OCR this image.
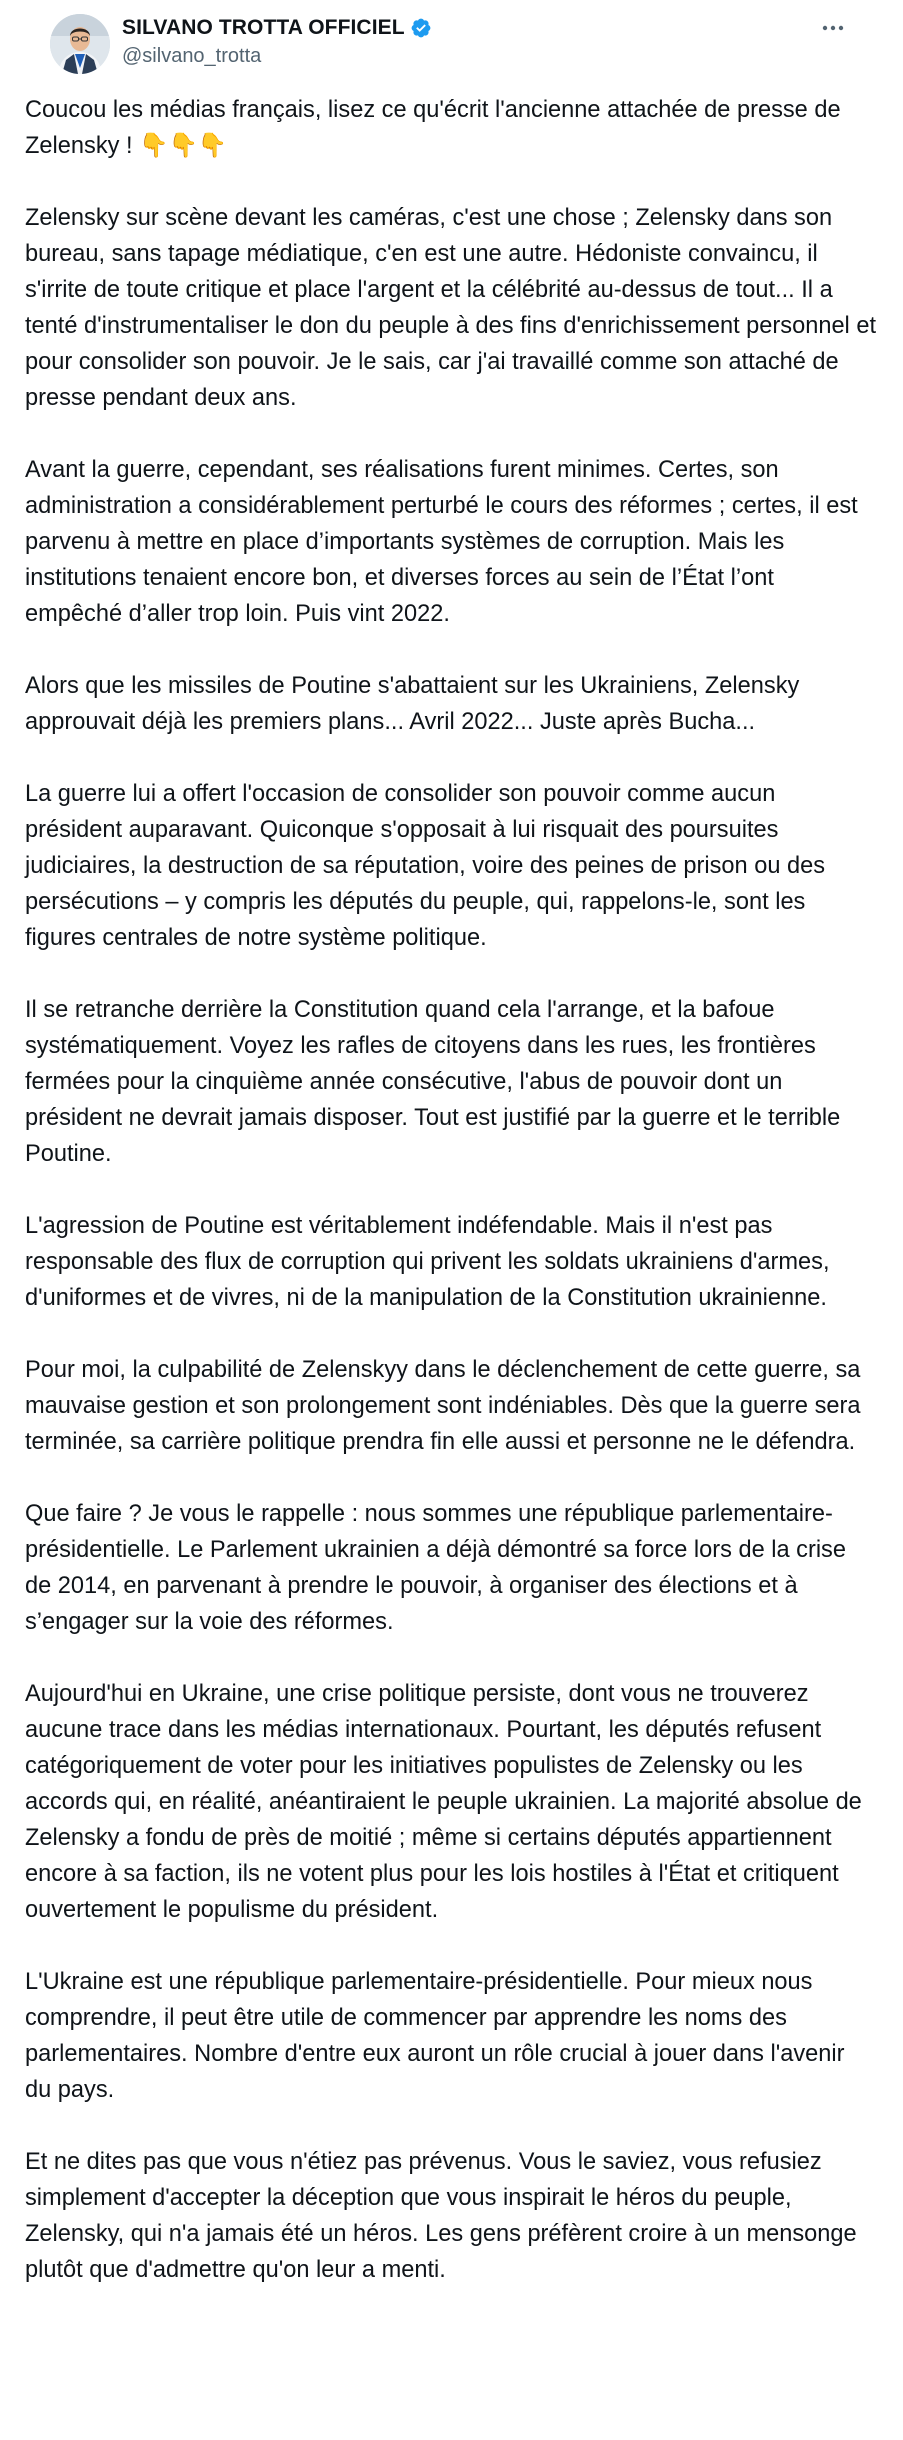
SILVANO TROTTA OFFICIEL
@silvano_trotta

Coucou les médias français, lisez ce qu'écrit l'ancienne attachée de presse de Zelensky ! 👇👇👇

Zelensky sur scène devant les caméras, c'est une chose ; Zelensky dans son bureau, sans tapage médiatique, c'en est une autre. Hédoniste convaincu, il s'irrite de toute critique et place l'argent et la célébrité au-dessus de tout... Il a tenté d'instrumentaliser le don du peuple à des fins d'enrichissement personnel et pour consolider son pouvoir. Je le sais, car j'ai travaillé comme son attaché de presse pendant deux ans.

Avant la guerre, cependant, ses réalisations furent minimes. Certes, son administration a considérablement perturbé le cours des réformes ; certes, il est parvenu à mettre en place d’importants systèmes de corruption. Mais les institutions tenaient encore bon, et diverses forces au sein de l’État l’ont empêché d’aller trop loin. Puis vint 2022.

Alors que les missiles de Poutine s'abattaient sur les Ukrainiens, Zelensky approuvait déjà les premiers plans... Avril 2022... Juste après Bucha...

La guerre lui a offert l'occasion de consolider son pouvoir comme aucun président auparavant. Quiconque s'opposait à lui risquait des poursuites judiciaires, la destruction de sa réputation, voire des peines de prison ou des persécutions – y compris les députés du peuple, qui, rappelons-le, sont les figures centrales de notre système politique.

Il se retranche derrière la Constitution quand cela l'arrange, et la bafoue systématiquement. Voyez les rafles de citoyens dans les rues, les frontières fermées pour la cinquième année consécutive, l'abus de pouvoir dont un président ne devrait jamais disposer. Tout est justifié par la guerre et le terrible Poutine.

L'agression de Poutine est véritablement indéfendable. Mais il n'est pas responsable des flux de corruption qui privent les soldats ukrainiens d'armes, d'uniformes et de vivres, ni de la manipulation de la Constitution ukrainienne.

Pour moi, la culpabilité de Zelenskyy dans le déclenchement de cette guerre, sa mauvaise gestion et son prolongement sont indéniables. Dès que la guerre sera terminée, sa carrière politique prendra fin elle aussi et personne ne le défendra.

Que faire ? Je vous le rappelle : nous sommes une république parlementaire-présidentielle. Le Parlement ukrainien a déjà démontré sa force lors de la crise de 2014, en parvenant à prendre le pouvoir, à organiser des élections et à s’engager sur la voie des réformes.

Aujourd'hui en Ukraine, une crise politique persiste, dont vous ne trouverez aucune trace dans les médias internationaux. Pourtant, les députés refusent catégoriquement de voter pour les initiatives populistes de Zelensky ou les accords qui, en réalité, anéantiraient le peuple ukrainien. La majorité absolue de Zelensky a fondu de près de moitié ; même si certains députés appartiennent encore à sa faction, ils ne votent plus pour les lois hostiles à l'État et critiquent ouvertement le populisme du président.

L'Ukraine est une république parlementaire-présidentielle. Pour mieux nous comprendre, il peut être utile de commencer par apprendre les noms des parlementaires. Nombre d'entre eux auront un rôle crucial à jouer dans l'avenir du pays.

Et ne dites pas que vous n'étiez pas prévenus. Vous le saviez, vous refusiez simplement d'accepter la déception que vous inspirait le héros du peuple, Zelensky, qui n'a jamais été un héros. Les gens préfèrent croire à un mensonge plutôt que d'admettre qu'on leur a menti.
